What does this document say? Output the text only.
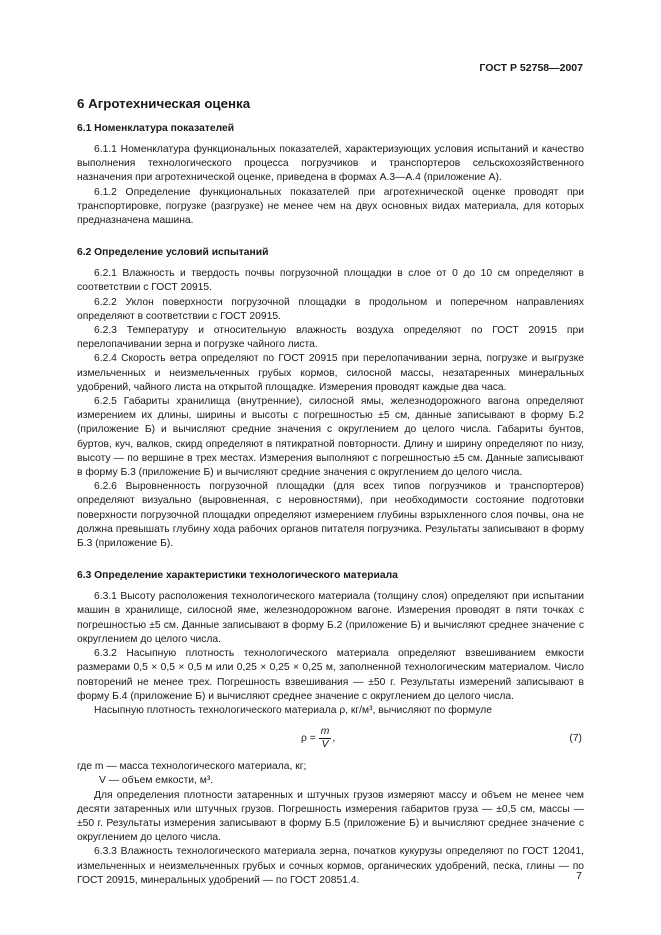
ГОСТ Р 52758—2007
6 Агротехническая оценка
6.1 Номенклатура показателей

6.1.1 Номенклатура функциональных показателей, характеризующих условия испытаний и качество выполнения технологического процесса погрузчиков и транспортеров сельскохозяйственного назначения при агротехнической оценке, приведена в формах А.3—А.4 (приложение А).

6.1.2 Определение функциональных показателей при агротехнической оценке проводят при транспортировке, погрузке (разгрузке) не менее чем на двух основных видах материала, для которых предназначена машина.

6.2 Определение условий испытаний

6.2.1 Влажность и твердость почвы погрузочной площадки в слое от 0 до 10 см определяют в соответствии с ГОСТ 20915.

6.2.2 Уклон поверхности погрузочной площадки в продольном и поперечном направлениях определяют в соответствии с ГОСТ 20915.

6.2.3 Температуру и относительную влажность воздуха определяют по ГОСТ 20915 при перелопачивании зерна и погрузке чайного листа.

6.2.4 Скорость ветра определяют по ГОСТ 20915 при перелопачивании зерна, погрузке и выгрузке измельченных и неизмельченных грубых кормов, силосной массы, незатаренных минеральных удобрений, чайного листа на открытой площадке. Измерения проводят каждые два часа.

6.2.5 Габариты хранилища (внутренние), силосной ямы, железнодорожного вагона определяют измерением их длины, ширины и высоты с погрешностью ±5 см, данные записывают в форму Б.2 (приложение Б) и вычисляют средние значения с округлением до целого числа. Габариты бунтов, буртов, куч, валков, скирд определяют в пятикратной повторности. Длину и ширину определяют по низу, высоту — по вершине в трех местах. Измерения выполняют с погрешностью ±5 см. Данные записывают в форму Б.3 (приложение Б) и вычисляют средние значения с округлением до целого числа.

6.2.6 Выровненность погрузочной площадки (для всех типов погрузчиков и транспортеров) определяют визуально (выровненная, с неровностями), при необходимости состояние подготовки поверхности погрузочной площадки определяют измерением глубины взрыхленного слоя почвы, она не должна превышать глубину хода рабочих органов питателя погрузчика. Результаты записывают в форму Б.3 (приложение Б).

6.3 Определение характеристики технологического материала

6.3.1 Высоту расположения технологического материала (толщину слоя) определяют при испытании машин в хранилище, силосной яме, железнодорожном вагоне. Измерения проводят в пяти точках с погрешностью ±5 см. Данные записывают в форму Б.2 (приложение Б) и вычисляют среднее значение с округлением до целого числа.

6.3.2 Насыпную плотность технологического материала определяют взвешиванием емкости размерами 0,5 × 0,5 × 0,5 м или 0,25 × 0,25 × 0,25 м, заполненной технологическим материалом. Число повторений не менее трех. Погрешность взвешивания — ±50 г. Результаты измерений записывают в форму Б.4 (приложение Б) и вычисляют среднее значение с округлением до целого числа.

Насыпную плотность технологического материала ρ, кг/м³, вычисляют по формуле

$\rho = \frac{m}{V}$ ,	(7)

где m — масса технологического материала, кг;

V — объем емкости, м³.

Для определения плотности затаренных и штучных грузов измеряют массу и объем не менее чем десяти затаренных или штучных грузов. Погрешность измерения габаритов груза — ±0,5 см, массы — ±50 г. Результаты измерения записывают в форму Б.5 (приложение Б) и вычисляют среднее значение с округлением до целого числа.

6.3.3 Влажность технологического материала зерна, початков кукурузы определяют по ГОСТ 12041, измельченных и неизмельченных грубых и сочных кормов, органических удобрений, песка, глины — по ГОСТ 20915, минеральных удобрений — по ГОСТ 20851.4.	7
